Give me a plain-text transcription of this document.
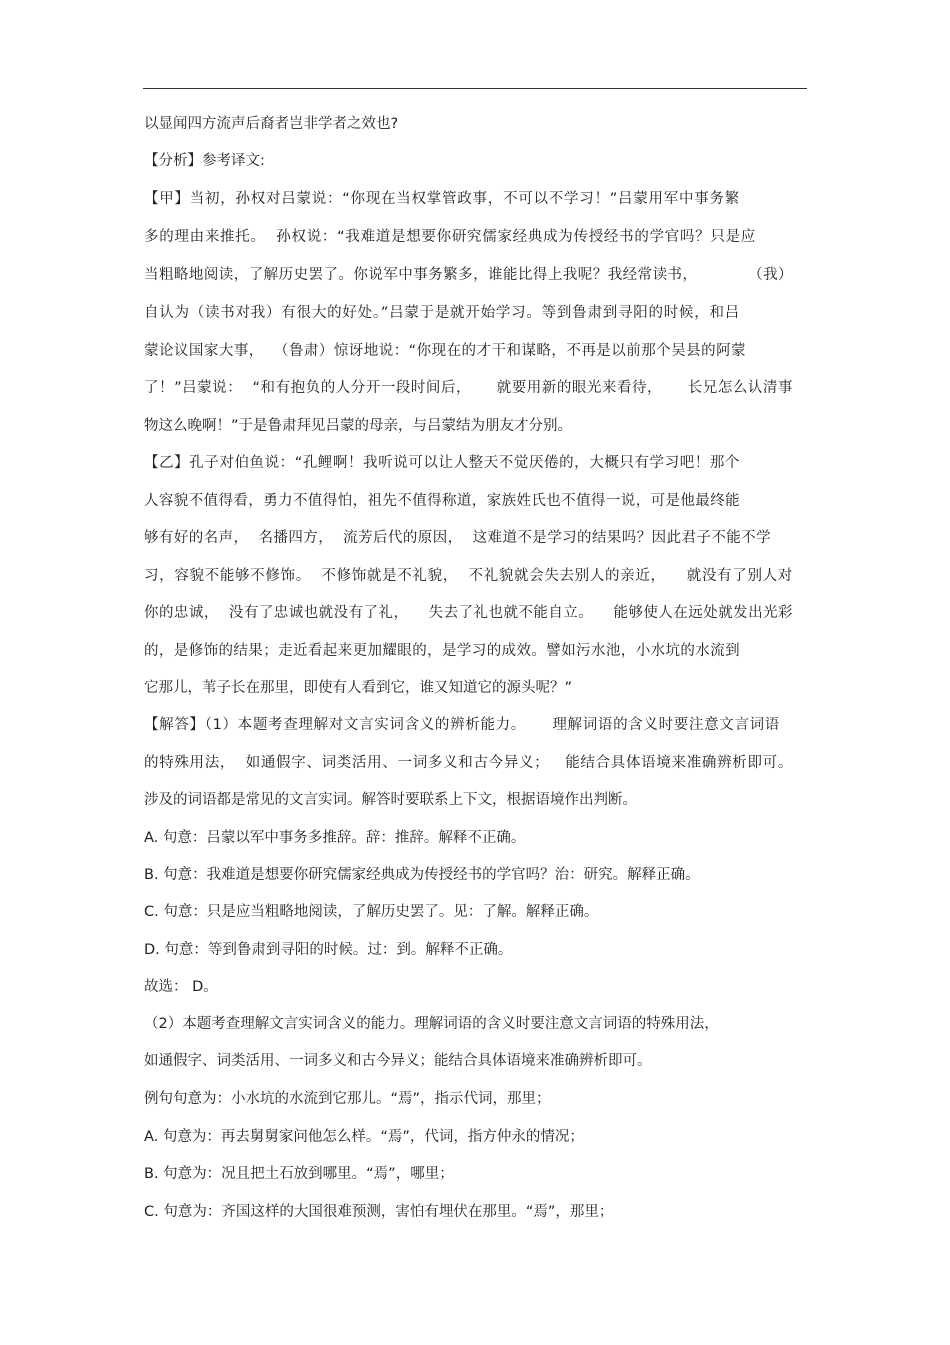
以显闻四方流声后裔者岂非学者之效也?
【分析】参考译文:
【甲】当初，孙权对吕蒙说：“你现在当权掌管政事，不可以不学习！”吕蒙用军中事务繁
多的理由来推托。  孙权说：“我难道是想要你研究儒家经典成为传授经书的学官吗？只是应
当粗略地阅读，了解历史罢了。你说军中事务繁多，谁能比得上我呢？我经常读书，          （我）
自认为（读书对我）有很大的好处。”吕蒙于是就开始学习。等到鲁肃到寻阳的时候，和吕
蒙论议国家大事，  （鲁肃）惊讶地说：“你现在的才干和谋略，不再是以前那个吴县的阿蒙
了！”吕蒙说：  “和有抱负的人分开一段时间后，     就要用新的眼光来看待，     长兄怎么认清事
物这么晚啊！”于是鲁肃拜见吕蒙的母亲，与吕蒙结为朋友才分别。
【乙】孔子对伯鱼说：“孔鲤啊！我听说可以让人整天不觉厌倦的，大概只有学习吧！那个
人容貌不值得看，勇力不值得怕，祖先不值得称道，家族姓氏也不值得一说，可是他最终能
够有好的名声，  名播四方，  流芳后代的原因，  这难道不是学习的结果吗？因此君子不能不学
习，容貌不能够不修饰。  不修饰就是不礼貌，  不礼貌就会失去别人的亲近，    就没有了别人对
你的忠诚，  没有了忠诚也就没有了礼，    失去了礼也就不能自立。    能够使人在远处就发出光彩
的，是修饰的结果；走近看起来更加耀眼的，是学习的成效。譬如污水池，小水坑的水流到
它那儿，苇子长在那里，即使有人看到它，谁又知道它的源头呢？”
【解答】（1）本题考查理解对文言实词含义的辨析能力。     理解词语的含义时要注意文言词语
的特殊用法，  如通假字、词类活用、一词多义和古今异义；   能结合具体语境来准确辨析即可。
涉及的词语都是常见的文言实词。解答时要联系上下文，根据语境作出判断。
A. 句意：吕蒙以军中事务多推辞。辞：推辞。解释不正确。
B. 句意：我难道是想要你研究儒家经典成为传授经书的学官吗？治：研究。解释正确。
C. 句意：只是应当粗略地阅读，了解历史罢了。见：了解。解释正确。
D. 句意：等到鲁肃到寻阳的时候。过：到。解释不正确。
故选： D。
（2）本题考查理解文言实词含义的能力。理解词语的含义时要注意文言词语的特殊用法，
如通假字、词类活用、一词多义和古今异义；能结合具体语境来准确辨析即可。
例句句意为：小水坑的水流到它那儿。“焉”，指示代词，那里；
A. 句意为：再去舅舅家问他怎么样。“焉”，代词，指方仲永的情况；
B. 句意为：况且把土石放到哪里。“焉”，哪里；
C. 句意为：齐国这样的大国很难预测，害怕有埋伏在那里。“焉”，那里；
